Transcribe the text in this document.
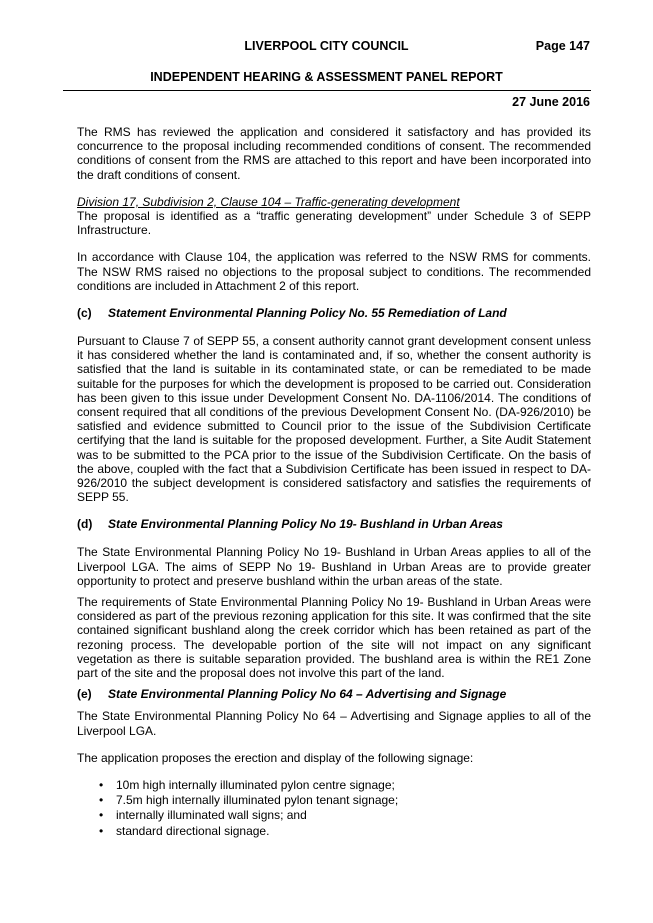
LIVERPOOL CITY COUNCIL	Page 147
INDEPENDENT HEARING & ASSESSMENT PANEL REPORT
27 June 2016

The RMS has reviewed the application and considered it satisfactory and has provided its concurrence to the proposal including recommended conditions of consent. The recommended conditions of consent from the RMS are attached to this report and have been incorporated into the draft conditions of consent.

Division 17, Subdivision 2, Clause 104 – Traffic-generating development

The proposal is identified as a “traffic generating development” under Schedule 3 of SEPP Infrastructure.

In accordance with Clause 104, the application was referred to the NSW RMS for comments. The NSW RMS raised no objections to the proposal subject to conditions. The recommended conditions are included in Attachment 2 of this report.

(c)	Statement Environmental Planning Policy No. 55 Remediation of Land

Pursuant to Clause 7 of SEPP 55, a consent authority cannot grant development consent unless it has considered whether the land is contaminated and, if so, whether the consent authority is satisfied that the land is suitable in its contaminated state, or can be remediated to be made suitable for the purposes for which the development is proposed to be carried out. Consideration has been given to this issue under Development Consent No. DA-1106/2014. The conditions of consent required that all conditions of the previous Development Consent No. (DA-926/2010) be satisfied and evidence submitted to Council prior to the issue of the Subdivision Certificate certifying that the land is suitable for the proposed development. Further, a Site Audit Statement was to be submitted to the PCA prior to the issue of the Subdivision Certificate. On the basis of the above, coupled with the fact that a Subdivision Certificate has been issued in respect to DA-926/2010 the subject development is considered satisfactory and satisfies the requirements of SEPP 55.

(d)	State Environmental Planning Policy No 19- Bushland in Urban Areas

The State Environmental Planning Policy No 19- Bushland in Urban Areas applies to all of the Liverpool LGA. The aims of SEPP No 19- Bushland in Urban Areas are to provide greater opportunity to protect and preserve bushland within the urban areas of the state.

The requirements of State Environmental Planning Policy No 19- Bushland in Urban Areas were considered as part of the previous rezoning application for this site. It was confirmed that the site contained significant bushland along the creek corridor which has been retained as part of the rezoning process. The developable portion of the site will not impact on any significant vegetation as there is suitable separation provided. The bushland area is within the RE1 Zone part of the site and the proposal does not involve this part of the land.

(e)	State Environmental Planning Policy No 64 – Advertising and Signage

The State Environmental Planning Policy No 64 – Advertising and Signage applies to all of the Liverpool LGA.

The application proposes the erection and display of the following signage:

•	10m high internally illuminated pylon centre signage;
•	7.5m high internally illuminated pylon tenant signage;
•	internally illuminated wall signs; and
•	standard directional signage.
